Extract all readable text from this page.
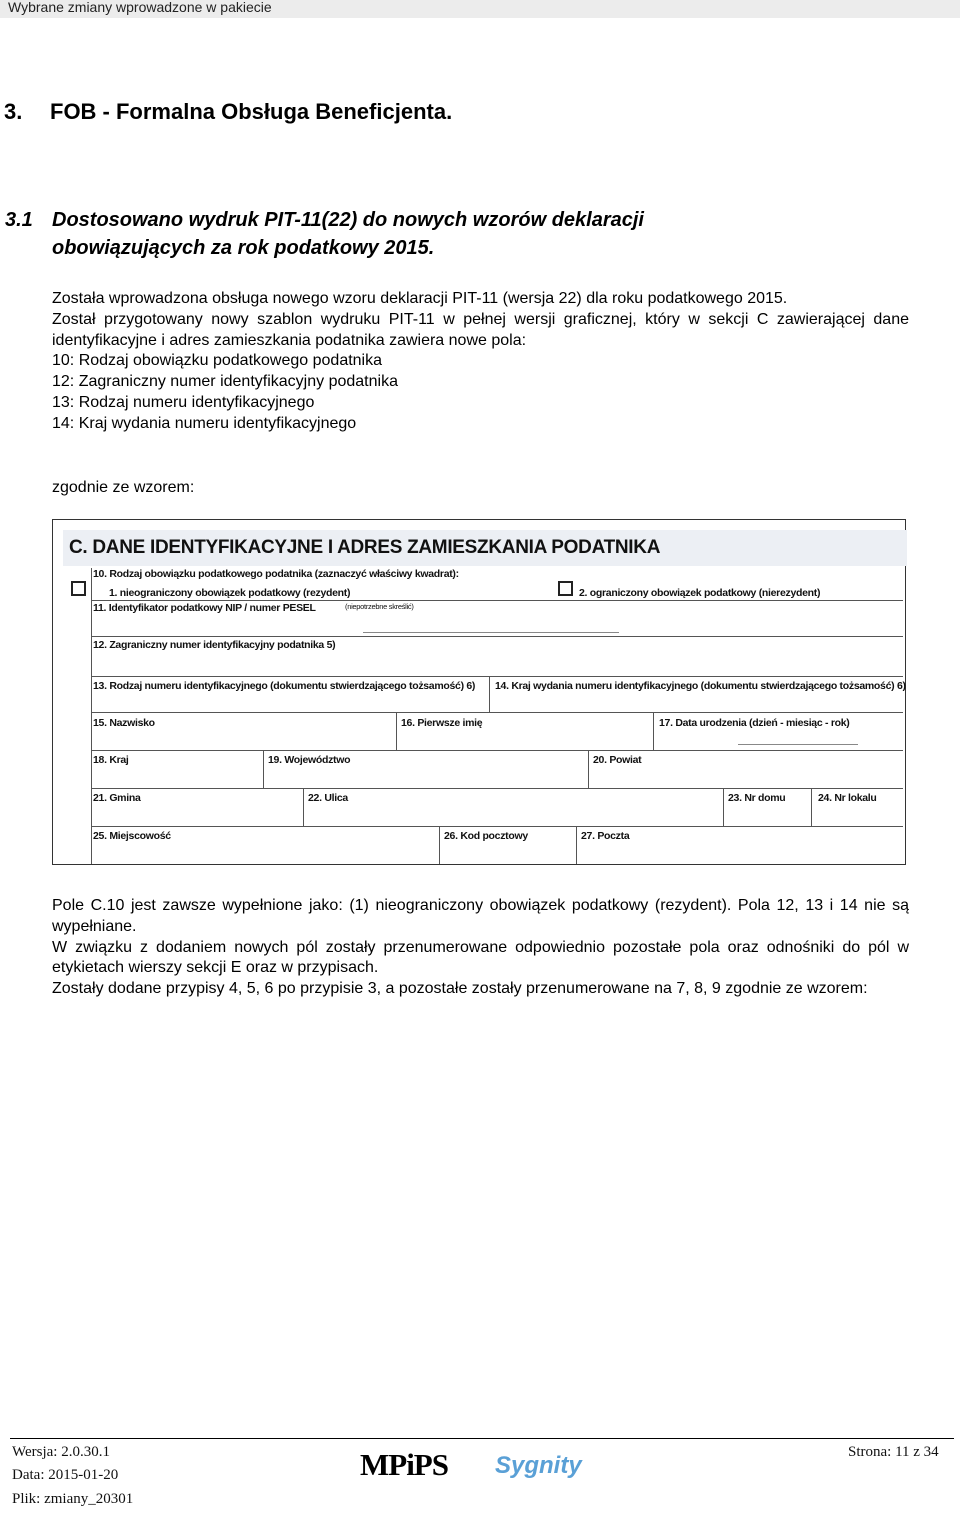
Wybrane zmiany wprowadzone w pakiecie
3. FOB - Formalna Obsługa Beneficjenta.
3.1 Dostosowano wydruk PIT-11(22) do nowych wzorów deklaracji obowiązujących za rok podatkowy 2015.

Została wprowadzona obsługa nowego wzoru deklaracji PIT-11 (wersja 22) dla roku podatkowego 2015.

Został przygotowany nowy szablon wydruku PIT-11 w pełnej wersji graficznej, który w sekcji C zawierającej dane identyfikacyjne i adres zamieszkania podatnika zawiera nowe pola:

10: Rodzaj obowiązku podatkowego podatnika
12: Zagraniczny numer identyfikacyjny podatnika
13: Rodzaj numeru identyfikacyjnego
14: Kraj wydania numeru identyfikacyjnego
zgodnie ze wzorem:
C. DANE IDENTYFIKACYJNE I ADRES ZAMIESZKANIA PODATNIKA
10. Rodzaj obowiązku podatkowego podatnika (zaznaczyć właściwy kwadrat):
1. nieograniczony obowiązek podatkowy (rezydent)	2. ograniczony obowiązek podatkowy (nierezydent)
11. Identyfikator podatkowy NIP / numer PESEL	(niepotrzebne skreślić)
12. Zagraniczny numer identyfikacyjny podatnika 5)
13. Rodzaj numeru identyfikacyjnego (dokumentu stwierdzającego tożsamość) 6) 14. Kraj wydania numeru identyfikacyjnego (dokumentu stwierdzającego tożsamość) 6)
15. Nazwisko	16. Pierwsze imię	17. Data urodzenia (dzień - miesiąc - rok)
18. Kraj	19. Województwo	20. Powiat
21. Gmina	22. Ulica	23. Nr domu	24. Nr lokalu
25. Miejscowość	26. Kod pocztowy	27. Poczta

Pole C.10 jest zawsze wypełnione jako: (1) nieograniczony obowiązek podatkowy (rezydent). Pola 12, 13 i 14 nie są wypełniane.

W związku z dodaniem nowych pól zostały przenumerowane odpowiednio pozostałe pola oraz odnośniki do pól w etykietach wierszy sekcji E oraz w przypisach.

Zostały dodane przypisy 4, 5, 6 po przypisie 3, a pozostałe zostały przenumerowane na 7, 8, 9 zgodnie ze wzorem:

Wersja: 2.0.30.1
Data: 2015-01-20
Plik: zmiany_20301
MPiPS Sygnity	Strona: 11 z 34
